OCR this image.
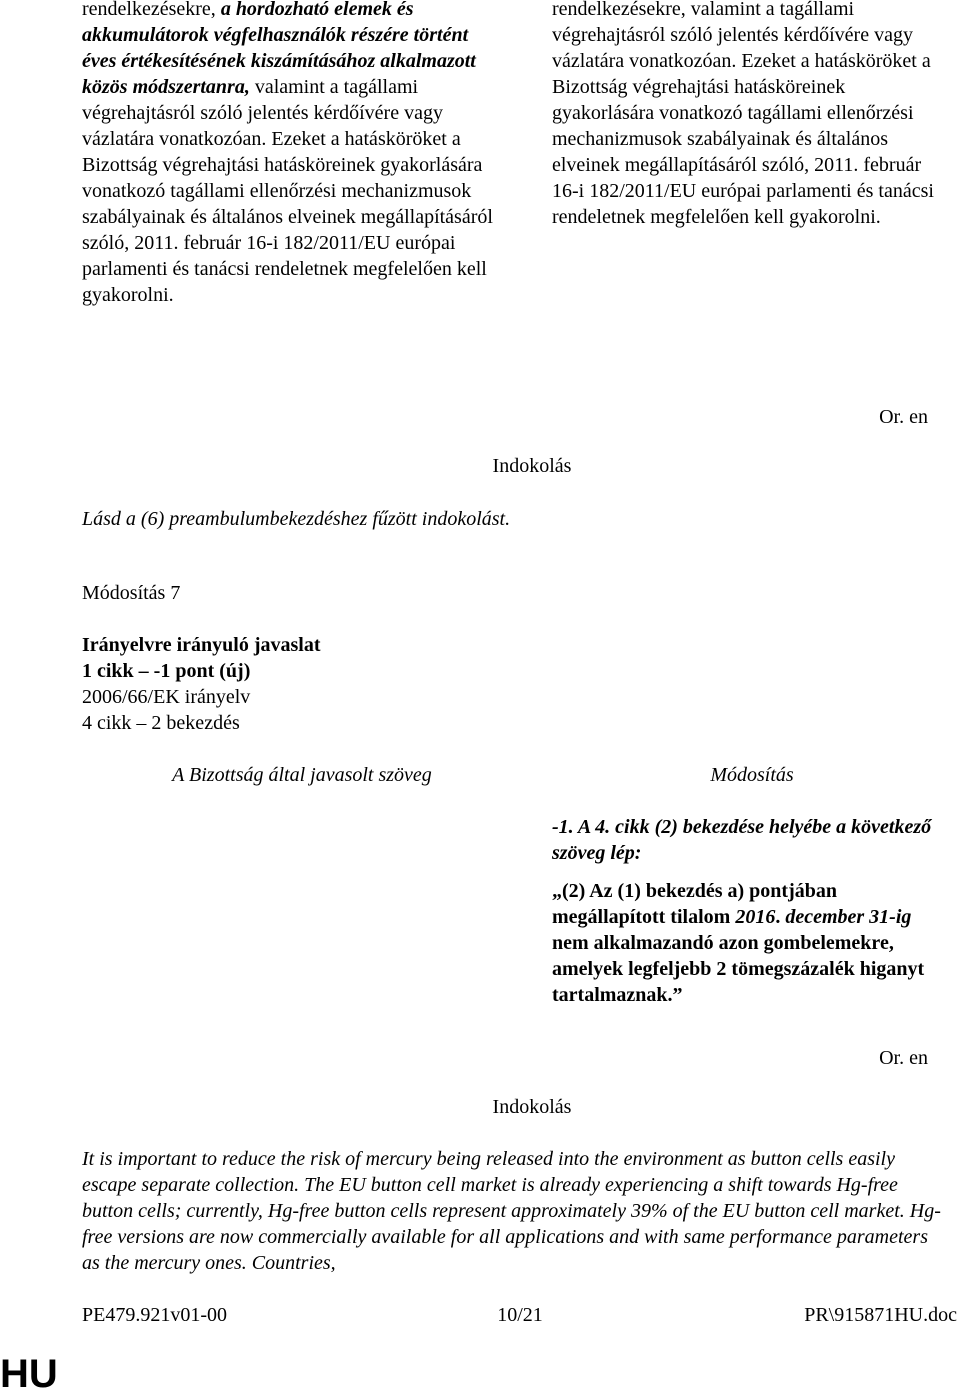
rendelkezésekre, a hordozható elemek és akkumulátorok végfelhasználók részére történt éves értékesítésének kiszámításához alkalmazott közös módszertanra, valamint a tagállami végrehajtásról szóló jelentés kérdőívére vagy vázlatára vonatkozóan. Ezeket a hatásköröket a Bizottság végrehajtási hatásköreinek gyakorlására vonatkozó tagállami ellenőrzési mechanizmusok szabályainak és általános elveinek megállapításáról szóló, 2011. február 16-i 182/2011/EU európai parlamenti és tanácsi rendeletnek megfelelően kell gyakorolni.

rendelkezésekre, valamint a tagállami végrehajtásról szóló jelentés kérdőívére vagy vázlatára vonatkozóan. Ezeket a hatásköröket a Bizottság végrehajtási hatásköreinek gyakorlására vonatkozó tagállami ellenőrzési mechanizmusok szabályainak és általános elveinek megállapításáról szóló, 2011. február 16-i 182/2011/EU európai parlamenti és tanácsi rendeletnek megfelelően kell gyakorolni.

Or. en
Indokolás
Lásd a (6) preambulumbekezdéshez fűzött indokolást.
Módosítás 7
Irányelvre irányuló javaslat
1 cikk – -1 pont (új)
2006/66/EK irányelv
4 cikk – 2 bekezdés
A Bizottság által javasolt szöveg	Módosítás
-1. A 4. cikk (2) bekezdése helyébe a következő szöveg lép:
„(2) Az (1) bekezdés a) pontjában megállapított tilalom 2016. december 31-ig nem alkalmazandó azon gombelemekre, amelyek legfeljebb 2 tömegszázalék higanyt tartalmaznak.”
Or. en
Indokolás
It is important to reduce the risk of mercury being released into the environment as button cells easily escape separate collection. The EU button cell market is already experiencing a shift towards Hg-free button cells; currently, Hg-free button cells represent approximately 39% of the EU button cell market. Hg-free versions are now commercially available for all applications and with same performance parameters as the mercury ones. Countries,
PE479.921v01-00	10/21	PR\915871HU.doc
HU
